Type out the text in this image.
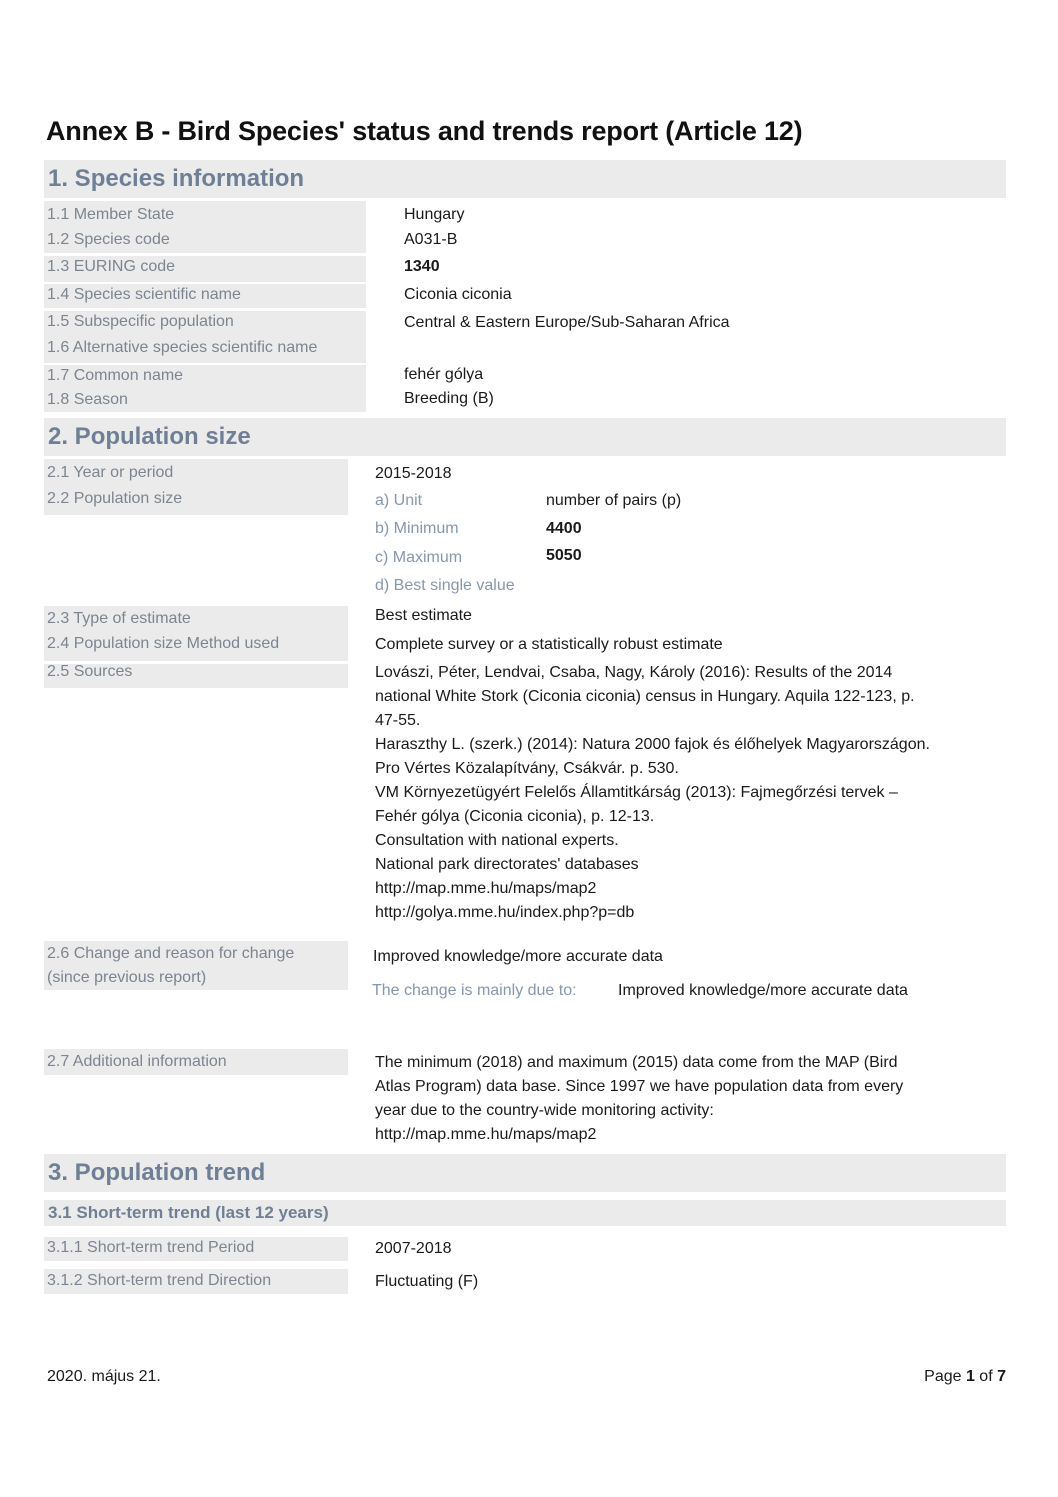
Annex B - Bird Species' status and trends report (Article 12)
1. Species information
1.1 Member State	Hungary
1.2 Species code	A031-B
1.3 EURING code	1340
1.4 Species scientific name	Ciconia ciconia
1.5 Subspecific population	Central & Eastern Europe/Sub-Saharan Africa
1.6 Alternative species scientific name
1.7 Common name	fehér gólya
1.8 Season	Breeding (B)
2. Population size
2.1 Year or period	2015-2018
2.2 Population size	a) Unit	number of pairs (p)
b) Minimum	4400
c) Maximum	5050
d) Best single value
2.3 Type of estimate	Best estimate
2.4 Population size Method used	Complete survey or a statistically robust estimate
2.5 Sources	Lovászi, Péter, Lendvai, Csaba, Nagy, Károly (2016): Results of the 2014
national White Stork (Ciconia ciconia) census in Hungary. Aquila 122-123, p.
47-55.
Haraszthy L. (szerk.) (2014): Natura 2000 fajok és élőhelyek Magyarországon.
Pro Vértes Közalapítvány, Csákvár. p. 530.
VM Környezetügyért Felelős Államtitkárság (2013): Fajmegőrzési tervek –
Fehér gólya (Ciconia ciconia), p. 12-13.
Consultation with national experts.
National park directorates' databases
http://map.mme.hu/maps/map2
http://golya.mme.hu/index.php?p=db
2.6 Change and reason for change
(since previous report)
Improved knowledge/more accurate data
The change is mainly due to:	Improved knowledge/more accurate data
2.7 Additional information	The minimum (2018) and maximum (2015) data come from the MAP (Bird
Atlas Program) data base. Since 1997 we have population data from every
year due to the country-wide monitoring activity:
http://map.mme.hu/maps/map2
3. Population trend
3.1 Short-term trend (last 12 years)
3.1.1 Short-term trend Period	2007-2018
3.1.2 Short-term trend Direction	Fluctuating (F)
2020. május 21.	Page 1 of 7
